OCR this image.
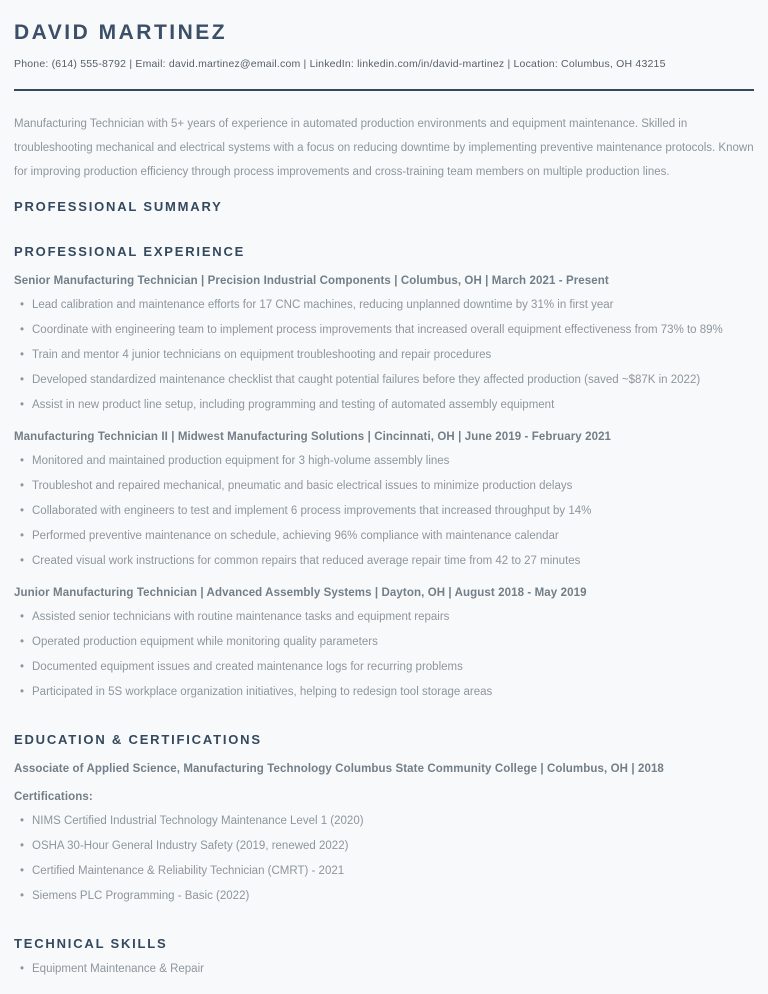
DAVID MARTINEZ
Phone: (614) 555-8792 | Email: david.martinez@email.com | LinkedIn: linkedin.com/in/david-martinez | Location: Columbus, OH 43215

Manufacturing Technician with 5+ years of experience in automated production environments and equipment maintenance. Skilled in troubleshooting mechanical and electrical systems with a focus on reducing downtime by implementing preventive maintenance protocols. Known for improving production efficiency through process improvements and cross-training team members on multiple production lines.

PROFESSIONAL SUMMARY
PROFESSIONAL EXPERIENCE
Senior Manufacturing Technician | Precision Industrial Components | Columbus, OH | March 2021 - Present
• Lead calibration and maintenance efforts for 17 CNC machines, reducing unplanned downtime by 31% in first year
• Coordinate with engineering team to implement process improvements that increased overall equipment effectiveness from 73% to 89%
• Train and mentor 4 junior technicians on equipment troubleshooting and repair procedures
• Developed standardized maintenance checklist that caught potential failures before they affected production (saved ~$87K in 2022)
• Assist in new product line setup, including programming and testing of automated assembly equipment
Manufacturing Technician II | Midwest Manufacturing Solutions | Cincinnati, OH | June 2019 - February 2021
• Monitored and maintained production equipment for 3 high-volume assembly lines
• Troubleshot and repaired mechanical, pneumatic and basic electrical issues to minimize production delays
• Collaborated with engineers to test and implement 6 process improvements that increased throughput by 14%
• Performed preventive maintenance on schedule, achieving 96% compliance with maintenance calendar
• Created visual work instructions for common repairs that reduced average repair time from 42 to 27 minutes
Junior Manufacturing Technician | Advanced Assembly Systems | Dayton, OH | August 2018 - May 2019
• Assisted senior technicians with routine maintenance tasks and equipment repairs
• Operated production equipment while monitoring quality parameters
• Documented equipment issues and created maintenance logs for recurring problems
• Participated in 5S workplace organization initiatives, helping to redesign tool storage areas
EDUCATION & CERTIFICATIONS

Associate of Applied Science, Manufacturing Technology Columbus State Community College | Columbus, OH | 2018

Certifications:

• NIMS Certified Industrial Technology Maintenance Level 1 (2020)
• OSHA 30-Hour General Industry Safety (2019, renewed 2022)
• Certified Maintenance & Reliability Technician (CMRT) - 2021
• Siemens PLC Programming - Basic (2022)
TECHNICAL SKILLS
• Equipment Maintenance & Repair
